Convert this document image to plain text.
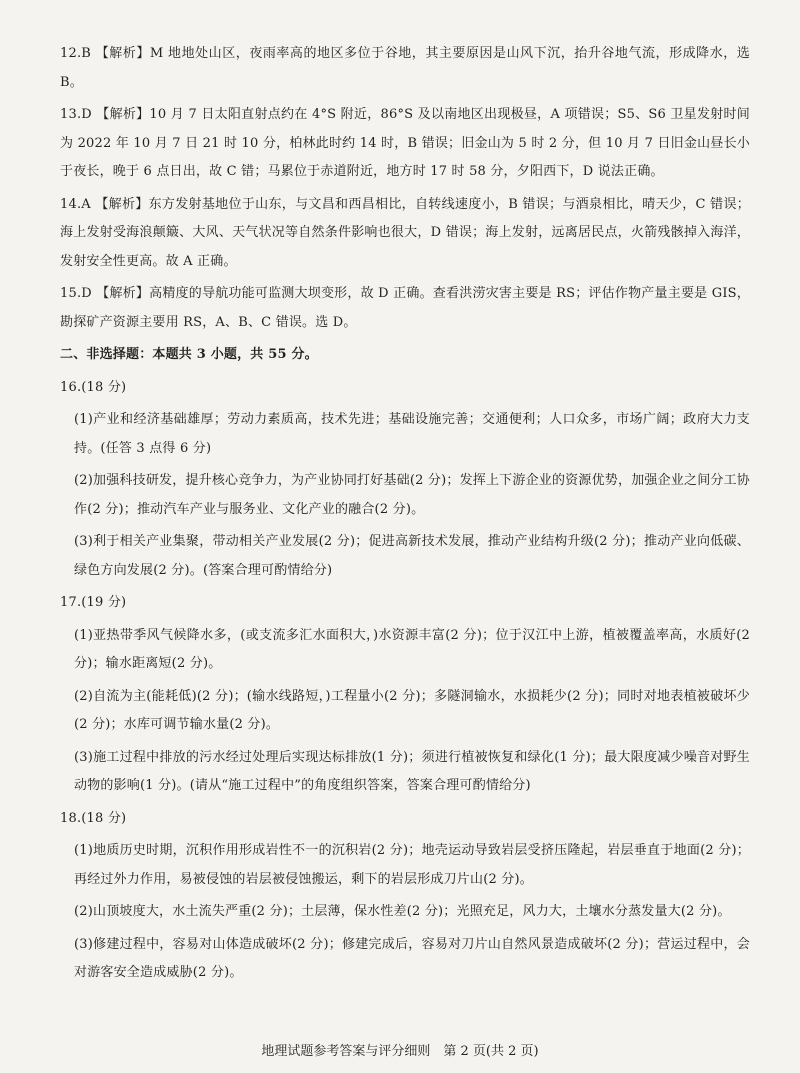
12.B 【解析】M 地地处山区，夜雨率高的地区多位于谷地，其主要原因是山风下沉，抬升谷地气流，形成降水，选 B。

13.D 【解析】10 月 7 日太阳直射点约在 4°S 附近，86°S 及以南地区出现极昼，A 项错误；S5、S6 卫星发射时间为 2022 年 10 月 7 日 21 时 10 分，柏林此时约 14 时，B 错误；旧金山为 5 时 2 分，但 10 月 7 日旧金山昼长小于夜长，晚于 6 点日出，故 C 错；马累位于赤道附近，地方时 17 时 58 分，夕阳西下，D 说法正确。

14.A 【解析】东方发射基地位于山东，与文昌和西昌相比，自转线速度小，B 错误；与酒泉相比，晴天少，C 错误；海上发射受海浪颠簸、大风、天气状况等自然条件影响也很大，D 错误；海上发射，远离居民点，火箭残骸掉入海洋，发射安全性更高。故 A 正确。

15.D 【解析】高精度的导航功能可监测大坝变形，故 D 正确。查看洪涝灾害主要是 RS；评估作物产量主要是 GIS，勘探矿产资源主要用 RS，A、B、C 错误。选 D。

二、非选择题：本题共 3 小题，共 55 分。

16.(18 分)

(1)产业和经济基础雄厚；劳动力素质高，技术先进；基础设施完善；交通便利；人口众多，市场广阔；政府大力支持。(任答 3 点得 6 分)

(2)加强科技研发，提升核心竞争力，为产业协同打好基础(2 分)；发挥上下游企业的资源优势，加强企业之间分工协作(2 分)；推动汽车产业与服务业、文化产业的融合(2 分)。

(3)利于相关产业集聚，带动相关产业发展(2 分)；促进高新技术发展，推动产业结构升级(2 分)；推动产业向低碳、绿色方向发展(2 分)。(答案合理可酌情给分)

17.(19 分)

(1)亚热带季风气候降水多，(或支流多汇水面积大，)水资源丰富(2 分)；位于汉江中上游，植被覆盖率高，水质好(2 分)；输水距离短(2 分)。

(2)自流为主(能耗低)(2 分)；(输水线路短，)工程量小(2 分)；多隧洞输水，水损耗少(2 分)；同时对地表植被破坏少(2 分)；水库可调节输水量(2 分)。

(3)施工过程中排放的污水经过处理后实现达标排放(1 分)；须进行植被恢复和绿化(1 分)；最大限度减少噪音对野生动物的影响(1 分)。(请从“施工过程中”的角度组织答案，答案合理可酌情给分)

18.(18 分)

(1)地质历史时期，沉积作用形成岩性不一的沉积岩(2 分)；地壳运动导致岩层受挤压隆起，岩层垂直于地面(2 分)；再经过外力作用，易被侵蚀的岩层被侵蚀搬运，剩下的岩层形成刀片山(2 分)。

(2)山顶坡度大，水土流失严重(2 分)；土层薄，保水性差(2 分)；光照充足，风力大，土壤水分蒸发量大(2 分)。

(3)修建过程中，容易对山体造成破坏(2 分)；修建完成后，容易对刀片山自然风景造成破坏(2 分)；营运过程中，会对游客安全造成威胁(2 分)。

地理试题参考答案与评分细则　第 2 页(共 2 页)
